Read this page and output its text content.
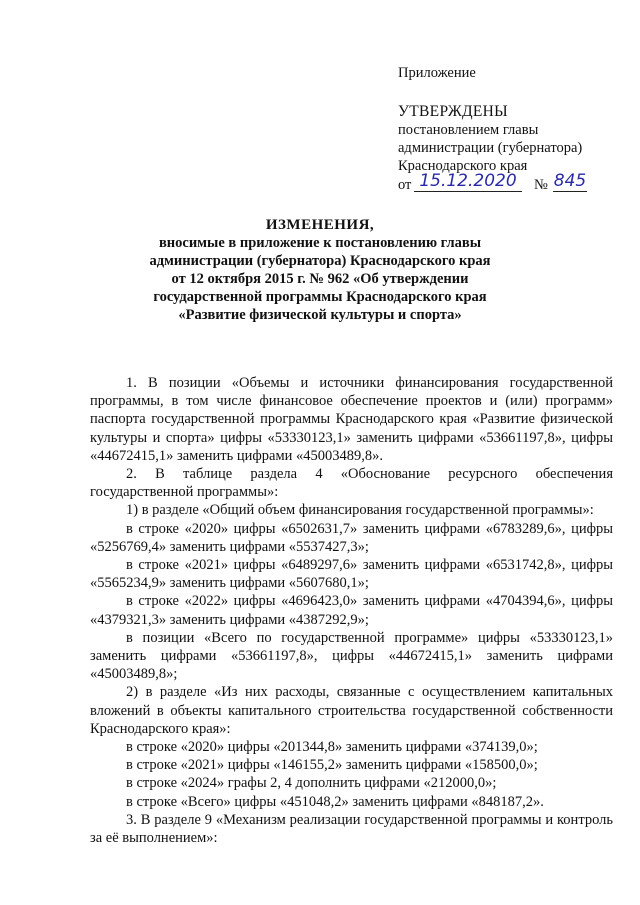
Приложение
УТВЕРЖДЕНЫ
постановлением главы
администрации (губернатора)
Краснодарского края
от 15.12.2020	№ 845
ИЗМЕНЕНИЯ,
вносимые в приложение к постановлению главы
администрации (губернатора) Краснодарского края
от 12 октября 2015 г. № 962 «Об утверждении
государственной программы Краснодарского края
«Развитие физической культуры и спорта»

1. В позиции «Объемы и источники финансирования государственной программы, в том числе финансовое обеспечение проектов и (или) программ» паспорта государственной программы Краснодарского края «Развитие физической культуры и спорта» цифры «53330123,1» заменить цифрами «53661197,8», цифры «44672415,1» заменить цифрами «45003489,8».

2. В таблице раздела 4 «Обоснование ресурсного обеспечения государственной программы»:

1) в разделе «Общий объем финансирования государственной программы»:

в строке «2020» цифры «6502631,7» заменить цифрами «6783289,6», цифры «5256769,4» заменить цифрами «5537427,3»;

в строке «2021» цифры «6489297,6» заменить цифрами «6531742,8», цифры «5565234,9» заменить цифрами «5607680,1»;

в строке «2022» цифры «4696423,0» заменить цифрами «4704394,6», цифры «4379321,3» заменить цифрами «4387292,9»;

в позиции «Всего по государственной программе» цифры «53330123,1» заменить цифрами «53661197,8», цифры «44672415,1» заменить цифрами «45003489,8»;

2) в разделе «Из них расходы, связанные с осуществлением капитальных вложений в объекты капитального строительства государственной собственности Краснодарского края»:

в строке «2020» цифры «201344,8» заменить цифрами «374139,0»;

в строке «2021» цифры «146155,2» заменить цифрами «158500,0»;

в строке «2024» графы 2, 4 дополнить цифрами «212000,0»;

в строке «Всего» цифры «451048,2» заменить цифрами «848187,2».

3. В разделе 9 «Механизм реализации государственной программы и контроль за её выполнением»:
